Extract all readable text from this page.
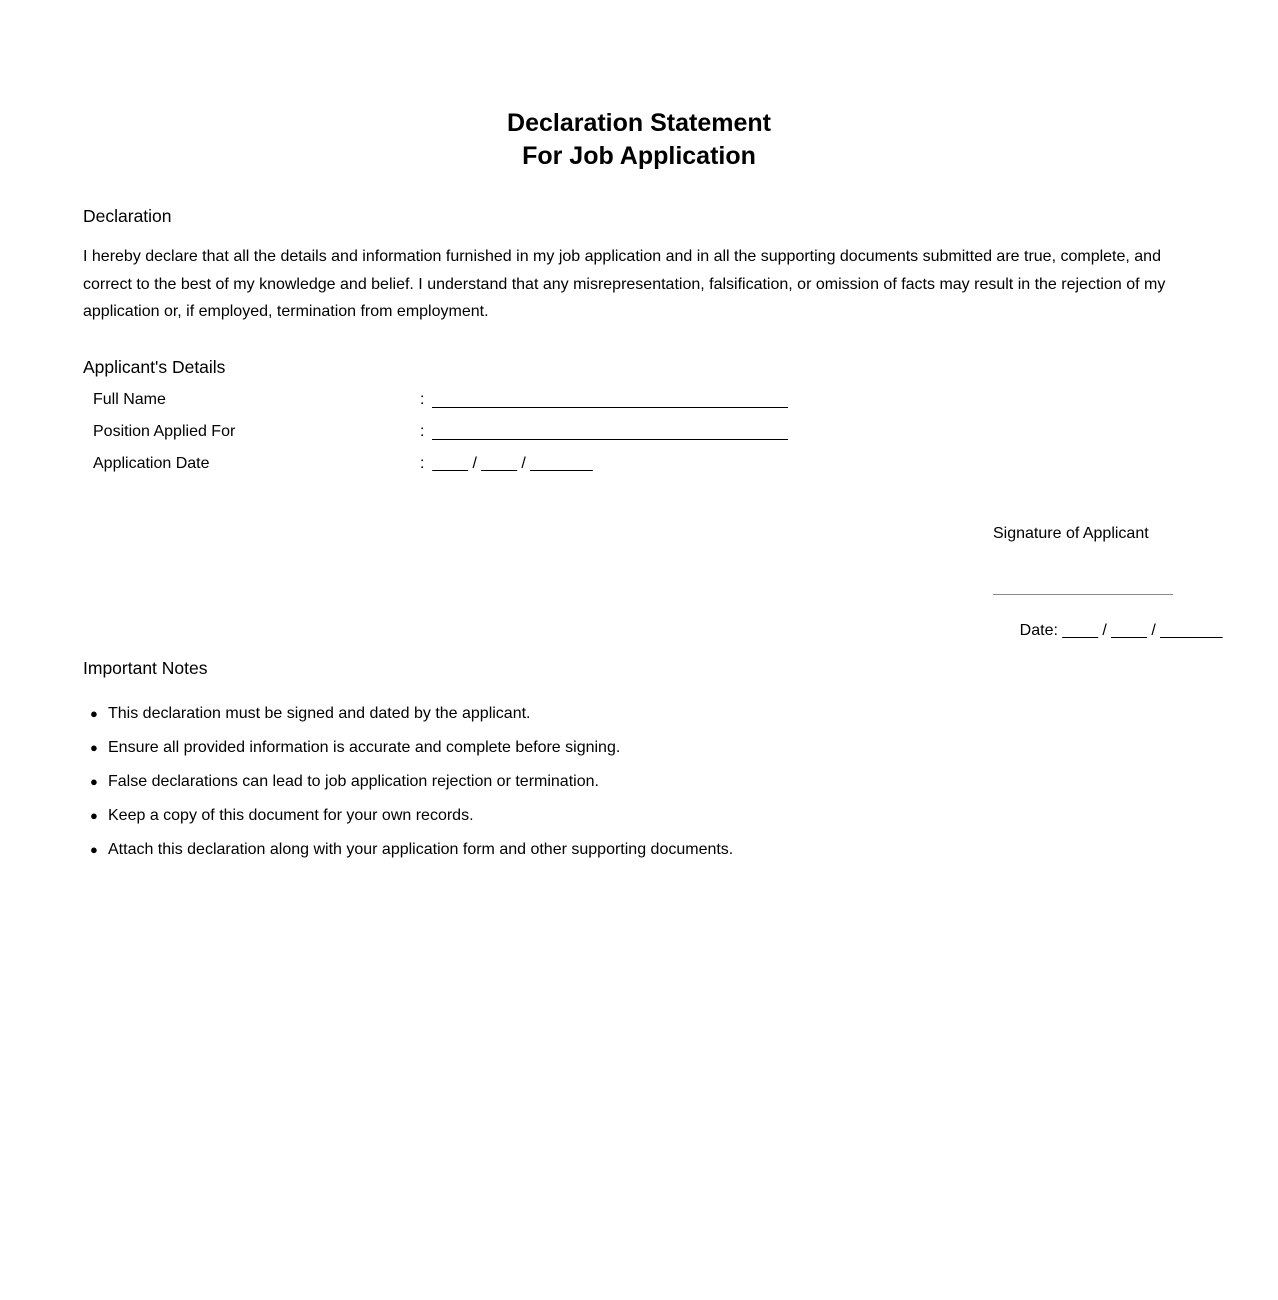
Declaration Statement
For Job Application
Declaration

I hereby declare that all the details and information furnished in my job application and in all the supporting documents submitted are true, complete, and correct to the best of my knowledge and belief. I understand that any misrepresentation, falsification, or omission of facts may result in the rejection of my application or, if employed, termination from employment.

Applicant's Details
Full Name	:
Position Applied For	:
Application Date	: ____ / ____ / _______
Important Notes
● This declaration must be signed and dated by the applicant.
● Ensure all provided information is accurate and complete before signing.
● False declarations can lead to job application rejection or termination.
● Keep a copy of this document for your own records.
● Attach this declaration along with your application form and other supporting documents.
Signature of Applicant

Date: ____ / ____ / _______
